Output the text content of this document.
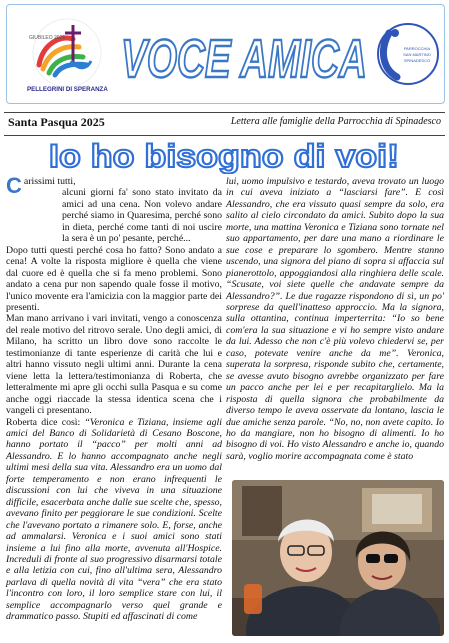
GIUBILEO 2025
PELLEGRINI DI SPERANZA
VOCE AMICA	PARROCCHIA
SAN MARTINO
SPINADESCO
Santa Pasqua 2025	Lettera alle famiglie della Parrocchia di Spinadesco
Io ho bisogno di voi!

Carissimi tutti,

alcuni giorni fa' sono stato invitato da amici ad una cena. Non volevo andare perché siamo in Quaresima, perché sono in dieta, perché come tanti di noi uscire la sera è un po' pesante, perché...

Dopo tutti questi perché cosa ho fatto? Sono andato a cena! A volte la risposta migliore è quella che viene dal cuore ed è quella che si fa meno problemi. Sono andato a cena pur non sapendo quale fosse il motivo, l'unico movente era l'amicizia con la maggior parte dei presenti.

Man mano arrivano i vari invitati, vengo a conoscenza del reale motivo del ritrovo serale. Uno degli amici, di Milano, ha scritto un libro dove sono raccolte le testimonianze di tante esperienze di carità che lui e altri hanno vissuto negli ultimi anni. Durante la cena viene letta la lettera/testimonianza di Roberta, che letteralmente mi apre gli occhi sulla Pasqua e su come anche oggi riaccade la stessa identica scena che i vangeli ci presentano.

Roberta dice così: “Veronica e Tiziana, insieme agli amici del Banco di Solidarietà di Cesano Boscone, hanno portato il “pacco” per molti anni ad Alessandro. E lo hanno accompagnato anche negli ultimi mesi della sua vita. Alessandro era un uomo dal forte temperamento e non erano infrequenti le discussioni con lui che viveva in una situazione difficile, esacerbata anche dalle sue scelte che, spesso, avevano finito per peggiorare le sue condizioni. Scelte che l'avevano portato a rimanere solo. E, forse, anche ad ammalarsi. Veronica e i suoi amici sono stati insieme a lui fino alla morte, avvenuta all'Hospice. Increduli di fronte al suo progressivo disarmarsi totale e alla letizia con cui, fino all'ultima sera, Alessandro parlava di quella novità di vita “vera” che era stato l'incontro con loro, il loro semplice stare con lui, il semplice accompagnarlo verso quel grande e drammatico passo. Stupiti ed affascinati di come

lui, uomo impulsivo e testardo, aveva trovato un luogo in cui aveva iniziato a “lasciarsi fare”. E così Alessandro, che era vissuto quasi sempre da solo, era salito al cielo circondato da amici. Subito dopo la sua morte, una mattina Veronica e Tiziana sono tornate nel suo appartamento, per dare una mano a riordinare le sue cose e preparare lo sgombero. Mentre stanno uscendo, una signora del piano di sopra si affaccia sul pianerottolo, appoggiandosi alla ringhiera delle scale. “Scusate, voi siete quelle che andavate sempre da Alessandro?”. Le due ragazze rispondono di sì, un po' sorprese da quell'inatteso approccio. Ma la signora, sulla ottantina, continua imperterrita: “Io so bene com'era la sua situazione e vi ho sempre visto andare da lui. Adesso che non c'è più volevo chiedervi se, per caso, potevate venire anche da me”. Veronica, superata la sorpresa, risponde subito che, certamente, se avesse avuto bisogno avrebbe organizzato per fare un pacco anche per lei e per recapitarglielo. Ma la risposta di quella signora che probabilmente da diverso tempo le aveva osservate da lontano, lascia le due amiche senza parole. “No, no, non avete capito. Io ho da mangiare, non ho bisogno di alimenti. Io ho bisogno di voi. Ho visto Alessandro e anche io, quando sarà, voglio morire accompagnata come è stato
